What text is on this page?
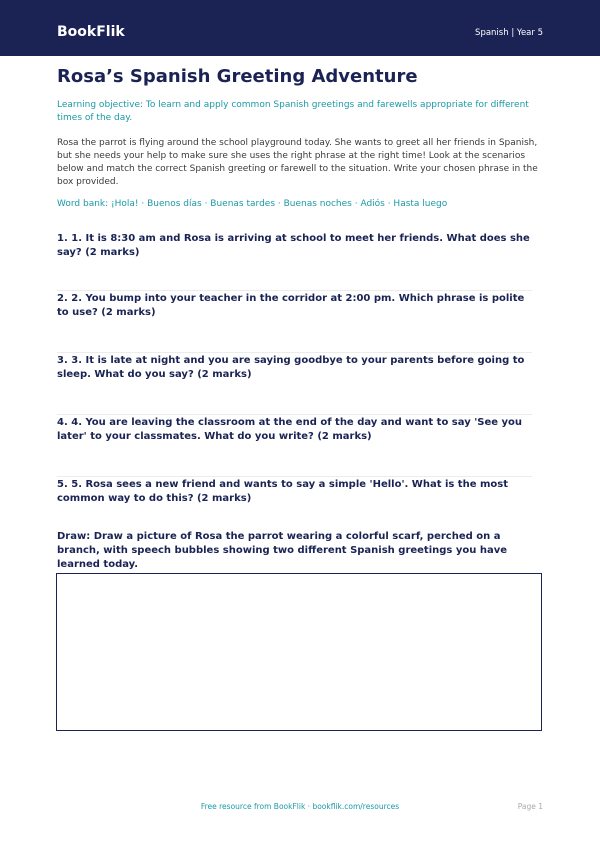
BookFlik	Spanish | Year 5
Rosa’s Spanish Greeting Adventure
Learning objective: To learn and apply common Spanish greetings and farewells appropriate for different times of the day.
Rosa the parrot is flying around the school playground today. She wants to greet all her friends in Spanish, but she needs your help to make sure she uses the right phrase at the right time! Look at the scenarios below and match the correct Spanish greeting or farewell to the situation. Write your chosen phrase in the box provided.
Word bank: ¡Hola! · Buenos días · Buenas tardes · Buenas noches · Adiós · Hasta luego
1. 1. It is 8:30 am and Rosa is arriving at school to meet her friends. What does she say? (2 marks)
2. 2. You bump into your teacher in the corridor at 2:00 pm. Which phrase is polite to use? (2 marks)
3. 3. It is late at night and you are saying goodbye to your parents before going to sleep. What do you say? (2 marks)
4. 4. You are leaving the classroom at the end of the day and want to say 'See you later' to your classmates. What do you write? (2 marks)
5. 5. Rosa sees a new friend and wants to say a simple 'Hello'. What is the most common way to do this? (2 marks)
Draw: Draw a picture of Rosa the parrot wearing a colorful scarf, perched on a branch, with speech bubbles showing two different Spanish greetings you have learned today.
Free resource from BookFlik · bookflik.com/resources	Page 1
